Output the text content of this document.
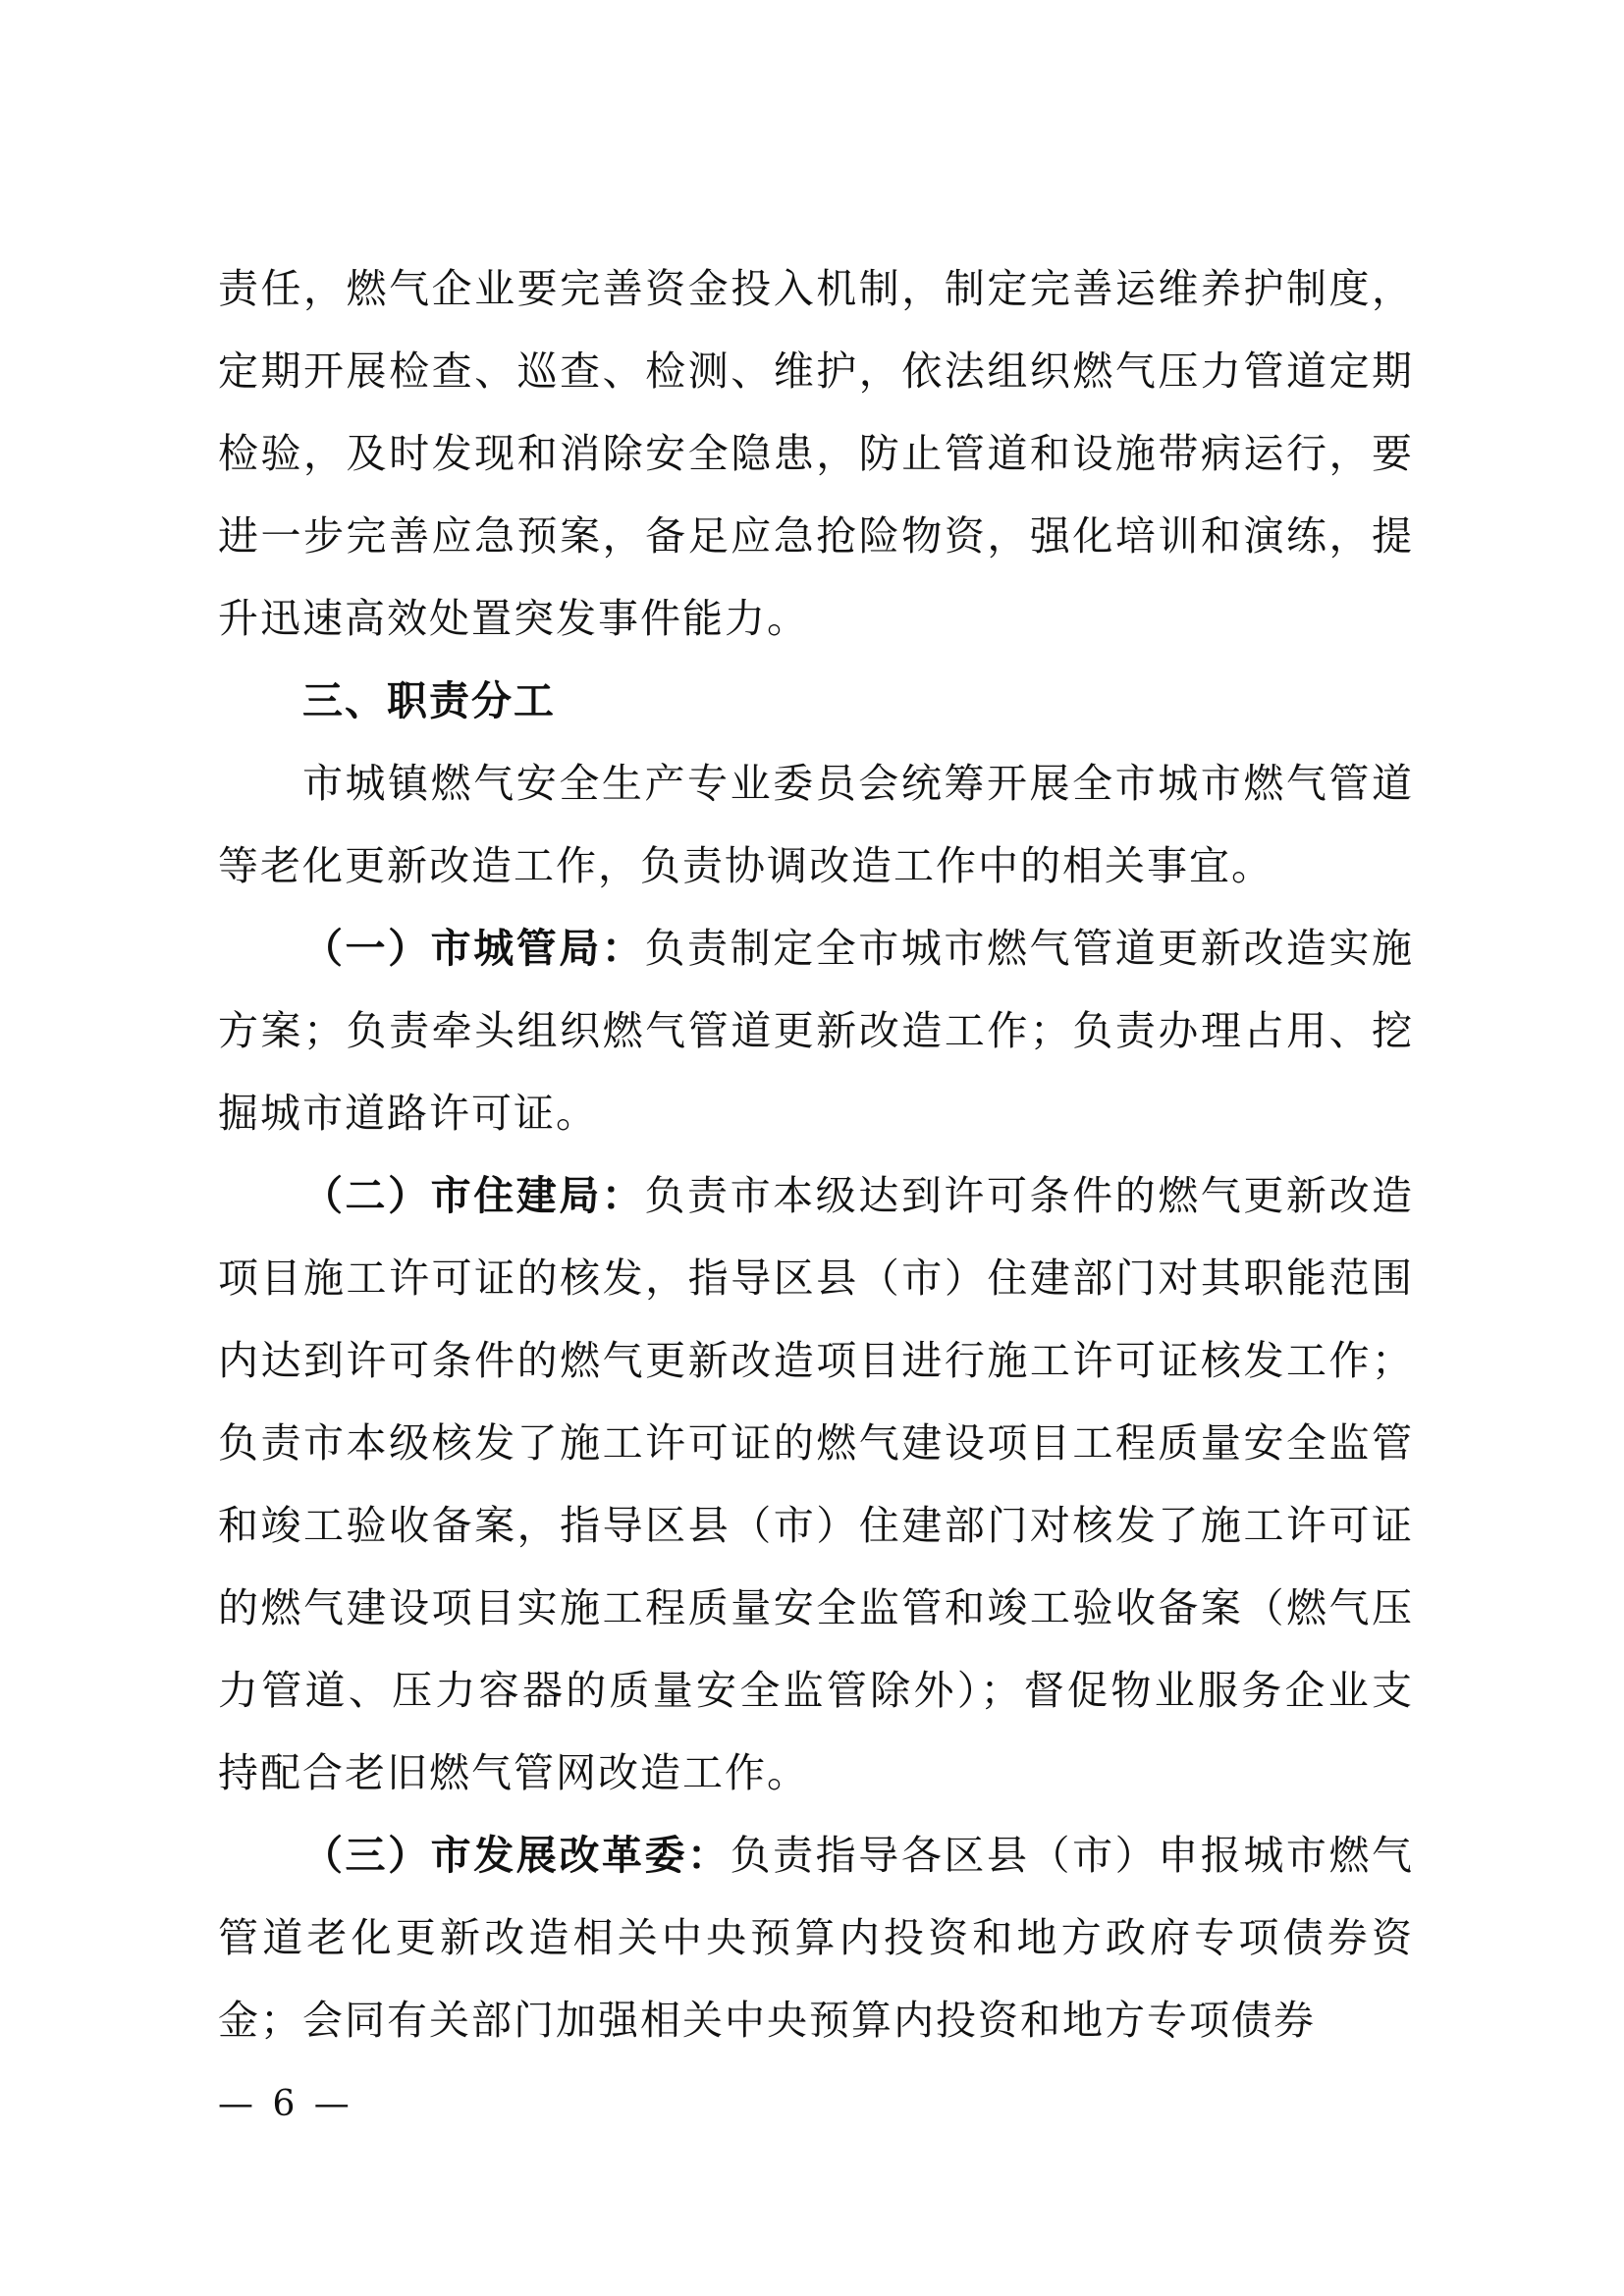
责任，燃气企业要完善资金投入机制，制定完善运维养护制度，定期开展检查、巡查、检测、维护，依法组织燃气压力管道定期检验，及时发现和消除安全隐患，防止管道和设施带病运行，要进一步完善应急预案，备足应急抢险物资，强化培训和演练，提升迅速高效处置突发事件能力。

三、职责分工

市城镇燃气安全生产专业委员会统筹开展全市城市燃气管道等老化更新改造工作，负责协调改造工作中的相关事宜。

（一）市城管局：负责制定全市城市燃气管道更新改造实施方案；负责牵头组织燃气管道更新改造工作；负责办理占用、挖掘城市道路许可证。

（二）市住建局：负责市本级达到许可条件的燃气更新改造项目施工许可证的核发，指导区县（市）住建部门对其职能范围内达到许可条件的燃气更新改造项目进行施工许可证核发工作；负责市本级核发了施工许可证的燃气建设项目工程质量安全监管和竣工验收备案，指导区县（市）住建部门对核发了施工许可证的燃气建设项目实施工程质量安全监管和竣工验收备案（燃气压力管道、压力容器的质量安全监管除外）；督促物业服务企业支持配合老旧燃气管网改造工作。

（三）市发展改革委：负责指导各区县（市）申报城市燃气管道老化更新改造相关中央预算内投资和地方政府专项债券资金；会同有关部门加强相关中央预算内投资和地方专项债券

— 6 —
